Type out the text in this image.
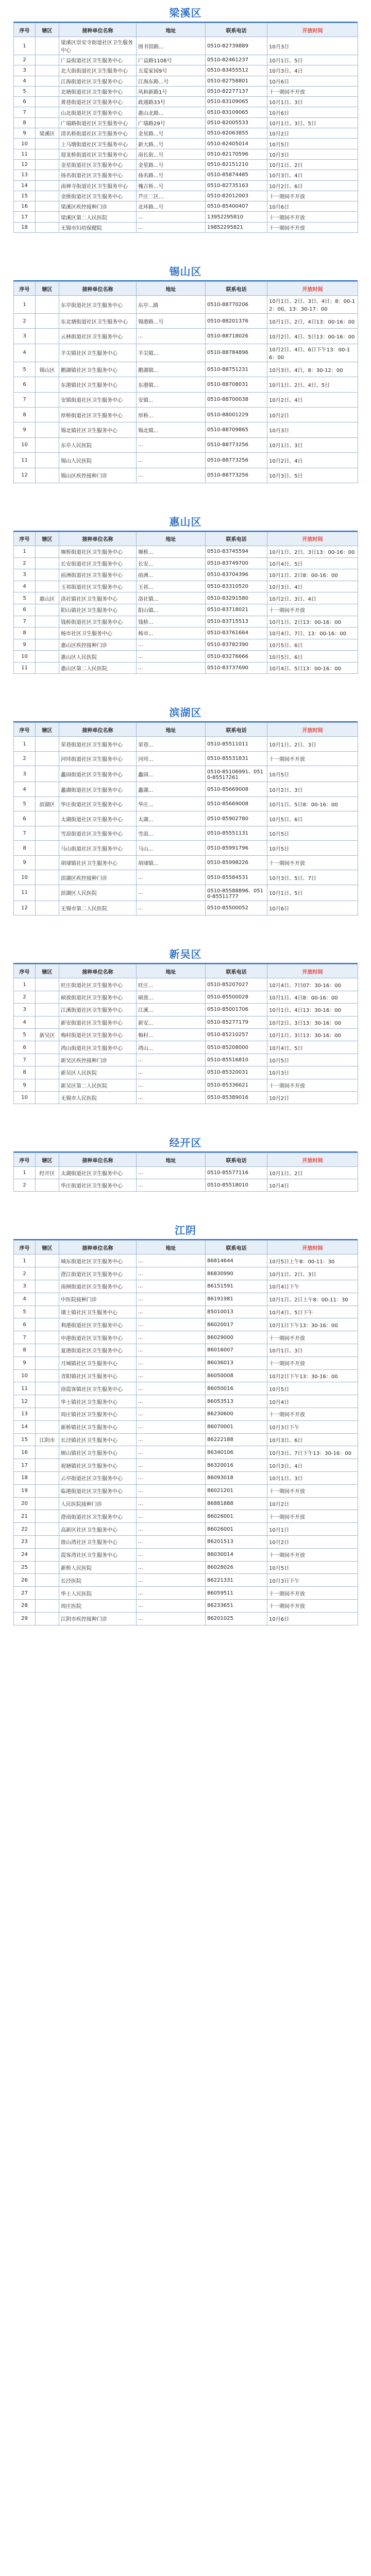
梁溪区
序号	辖区	接种单位名称	地址	联系电话	开放时间
1		梁溪区崇安寺街道社区卫生服务中心	图书馆路...	0510-82739889	10月3日
2		广益街道社区卫生服务中心	广益路1108号	0510-82461237	10月1日、5日
3		北大街街道社区卫生服务中心	五爱家园9号	0510-83455512	10月3日、4日
4		江海街道社区卫生服务中心	江海东路...号	0510-82758801	10月6日
5		北塘街道社区卫生服务中心	风和新路1号	0510-82277137	十一期间不开放
6		黄巷街道社区卫生服务中心	政通路33号	0510-83109065	10月1日、3日
7		山北街道社区卫生服务中心	惠山北路...	0510-83109065	10月6日
8		广瑞路街道社区卫生服务中心	广瑞路29号	0510-82005533	10月1日、3日、5日
9	梁溪区	清名桥街道社区卫生服务中心	金星路...号	0510-82063855	10月2日
10		上马墩街道社区卫生服务中心	新大路...号	0510-82405014	10月5日
11		迎龙桥街道社区卫生服务中心	南长街...号	0510-82170596	10月3日
12		金星街道社区卫生服务中心	金星路...号	0510-82151210	10月1日、2日
13		扬名街道社区卫生服务中心	扬名路...号	0510-85874485	10月3日、4日
14		南禅寺街道社区卫生服务中心	槐古桥...号	0510-82735163	10月2日、6日
15		金匮街道社区卫生服务中心	芦庄二区...	0510-82012003	十一期间不开放
16		梁溪区疾控接种门诊	北环路...号	0510-85400407	10月6日
17		梁溪区第二人民医院	...	13952295810	十一期间不开放
18		无锡市妇幼保健院	...	19852295821	十一期间不开放
锡山区
序号	辖区	接种单位名称	地址	联系电话	开放时间
1		东亭街道社区卫生服务中心	东亭...路	0510-88770206	10月1日、2日、3日、4日；8：00-12：00，13：30-17：00
2		东北塘街道社区卫生服务中心	锡港路...号	0510-88201376	10月1日、2日，4日13：00-16：00
3		云林街道社区卫生服务中心	...	0510-88718026	10月2日、4日、5日13：00-16：00
4		羊尖镇社区卫生服务中心	羊尖镇...	0510-88784896	10月2日、4日、6日下午13：00-16：00
5	锡山区	鹅湖镇社区卫生服务中心	鹅湖镇...	0510-88751231	10月3日、4日，8：30-12：00
6		东港镇社区卫生服务中心	东港镇...	0510-88708031	10月1日、2日、4日、5日
7		安镇街道社区卫生服务中心	安镇...	0510-88700038	10月2日、4日
8		厚桥街道社区卫生服务中心	厚桥...	0510-88001229	10月2日
9		锡北镇社区卫生服务中心	锡北镇...	0510-88709865	10月3日
10		东亭人民医院	...	0510-88773256	10月1日、3日
11		锡山人民医院	...	0510-88773256	10月2日、4日
12		锡山区疾控接种门诊	...	0510-88773256	10月3日、5日
惠山区
序号	辖区	接种单位名称	地址	联系电话	开放时间
1		堰桥街道社区卫生服务中心	堰桥...	0510-83745594	10月1日、2日、3日13：00-16：00
2		长安街道社区卫生服务中心	长安...	0510-83749700	10月4日、5日
3		前洲街道社区卫生服务中心	前洲...	0510-83704396	10月1日、2日8：00-16：00
4		玉祁街道社区卫生服务中心	玉祁...	0510-83310520	10月3日、4日
5	惠山区	洛社镇社区卫生服务中心	洛社镇...	0510-83291580	10月2日、3日、4日
6		阳山镇社区卫生服务中心	阳山镇...	0510-83718021	十一期间不开放
7		钱桥街道社区卫生服务中心	钱桥...	0510-83715513	10月1日、2日13：00-16：00
8		杨市社区卫生服务中心	杨市...	0510-83761664	10月4日、7日、13：00-16：00
9		惠山区疾控接种门诊	...	0510-83782390	10月5日、6日
10		惠山区人民医院	...	0510-83276666	10月5日、6日
11		惠山区第二人民医院	...	0510-83737690	10月4日、5日13：00-16：00
滨湖区
序号	辖区	接种单位名称	地址	联系电话	开放时间
1		荣巷街道社区卫生服务中心	荣巷...	0510-85511011	10月1日、2日、3日
2		河埒街道社区卫生服务中心	河埒...	0510-85531831	十一期间不开放
3		蠡园街道社区卫生服务中心	蠡园...	0510-85106991、0510-85517261	10月5日
4		蠡湖街道社区卫生服务中心	蠡湖...	0510-85669008	10月2日、3日
5	滨湖区	华庄街道社区卫生服务中心	华庄...	0510-85669008	10月1日、5日8：00-16：00
6		太湖街道社区卫生服务中心	太湖...	0510-85902780	10月5日、6日
7		雪浪街道社区卫生服务中心	雪浪...	0510-85551131	10月5日
8		马山街道社区卫生服务中心	马山...	0510-85991796	10月5日
9		胡埭镇社区卫生服务中心	胡埭镇...	0510-85998226	十一期间不开放
10		滨湖区疾控接种门诊	...	0510-85584531	10月3日、5日、7日
11		滨湖区人民医院	...	0510-85588896、0510-85511777	10月1日、5日
12		无锡市第二人民医院	...	0510-85500052	10月6日
新吴区
序号	辖区	接种单位名称	地址	联系电话	开放时间
1		旺庄街道社区卫生服务中心	旺庄...	0510-85207027	10月4日、7日07：30-16：00
2		硕放街道社区卫生服务中心	硕放...	0510-85500028	10月1日、4日8：00-16：00
3		江溪街道社区卫生服务中心	江溪...	0510-85001706	10月1日、4日13：30-16：00
4		新安街道社区卫生服务中心	新安...	0510-85277179	10月2日、3日13：30-16：00
5	新吴区	梅村街道社区卫生服务中心	梅村...	0510-85210257	10月1日、3日13：30-16：00
6		鸿山街道社区卫生服务中心	鸿山...	0510-85208000	10月4日、5日
7		新吴区疾控接种门诊	...	0510-85516810	10月5日
8		新吴区人民医院	...	0510-85320031	10月3日
9		新吴区第二人民医院	...	0510-85336621	十一期间不开放
10		无锡市人民医院	...	0510-85389016	10月2日
经开区
序号	辖区	接种单位名称	地址	联系电话	开放时间
1	经开区	太湖街道社区卫生服务中心	...	0510-85577116	10月1日、2日
2		华庄街道社区卫生服务中心	...	0510-85518010	10月4日
江阴
序号	辖区	接种单位名称	地址	联系电话	开放时间
1		城东街道社区卫生服务中心	...	86814644	10月5日上午8：00-11：30
2		澄江街道社区卫生服务中心	...	86830990	10月1日、2日、3日
3		南闸街道社区卫生服务中心	...	86151591	10月4日下午
4		中医院接种门诊	...	86191981	10月1日、2日上午8：00-11：30
5		璜土镇社区卫生服务中心	...	85010013	10月4日、5日下午
6		利港街道社区卫生服务中心	...	86020017	10月1日下午13：30-16：00
7		申港街道社区卫生服务中心	...	86029000	十一期间不开放
8		夏港街道社区卫生服务中心	...	86016007	10月1日、3日
9		月城镇社区卫生服务中心	...	86036013	十一期间不开放
10		青阳镇社区卫生服务中心	...	86050008	10月2日下午13：30-16：00
11		徐霞客镇社区卫生服务中心	...	86050016	10月5日
12		华士镇社区卫生服务中心	...	86053513	10月4日
13		周庄镇社区卫生服务中心	...	86230600	十一期间不开放
14		新桥镇社区卫生服务中心	...	86070001	10月3日下午
15	江阴市	长泾镇社区卫生服务中心	...	86222188	10月3日、6日
16		顾山镇社区卫生服务中心	...	86340106	10月3日、7日下午13：30-16：00
17		祝塘镇社区卫生服务中心	...	86320016	10月3日、4日
18		云亭街道社区卫生服务中心	...	86093018	10月1日、3日
19		临港街道社区卫生服务中心	...	86021201	十一期间不开放
20		人民医院接种门诊	...	86881888	10月2日
21		澄南街道社区卫生服务中心	...	86026001	十一期间不开放
22		高新区社区卫生服务中心	...	86026001	10月1日
23		敔山湾社区卫生服务中心	...	86201513	10月2日
24		霞客湾社区卫生服务中心	...	86030014	十一期间不开放
25		新桥人民医院	...	86028026	10月5日
26		长泾医院	...	86221331	10月3日下午
27		华士人民医院	...	86059511	十一期间不开放
28		周庄医院	...	86233651	十一期间不开放
29		江阴市疾控接种门诊	...	86201025	10月6日
